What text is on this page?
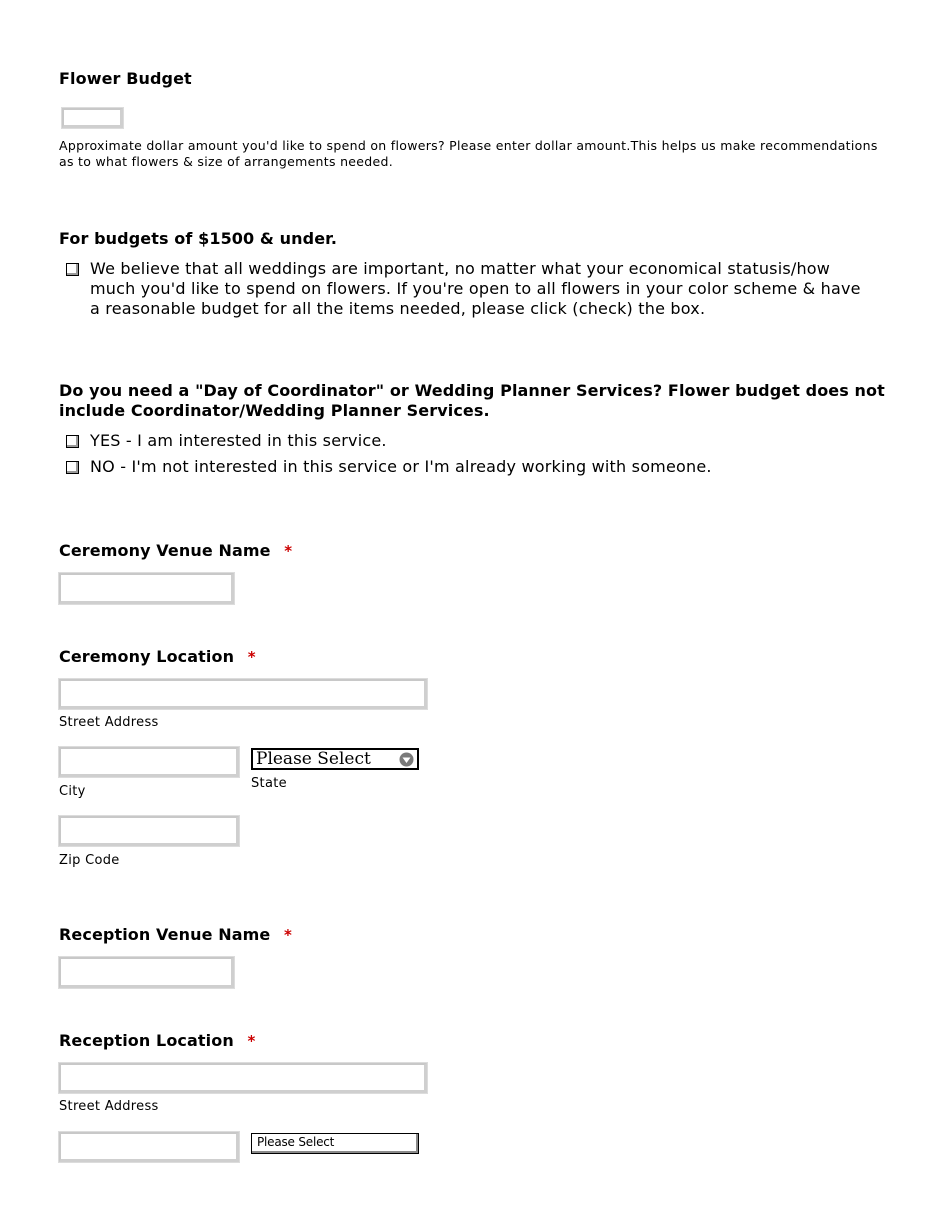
Flower Budget
Approximate dollar amount you'd like to spend on flowers? Please enter dollar amount.This helps us make recommendations as to what flowers & size of arrangements needed.
For budgets of $1500 & under.
We believe that all weddings are important, no matter what your economical statusis/how much you'd like to spend on flowers. If you're open to all flowers in your color scheme & have a reasonable budget for all the items needed, please click (check) the box.
Do you need a "Day of Coordinator" or Wedding Planner Services? Flower budget does not include Coordinator/Wedding Planner Services.
YES - I am interested in this service.
NO - I'm not interested in this service or I'm already working with someone.
Ceremony Venue Name *
Ceremony Location *
Street Address
City
Please Select
State
Zip Code
Reception Venue Name *
Reception Location *
Street Address
Please Select
